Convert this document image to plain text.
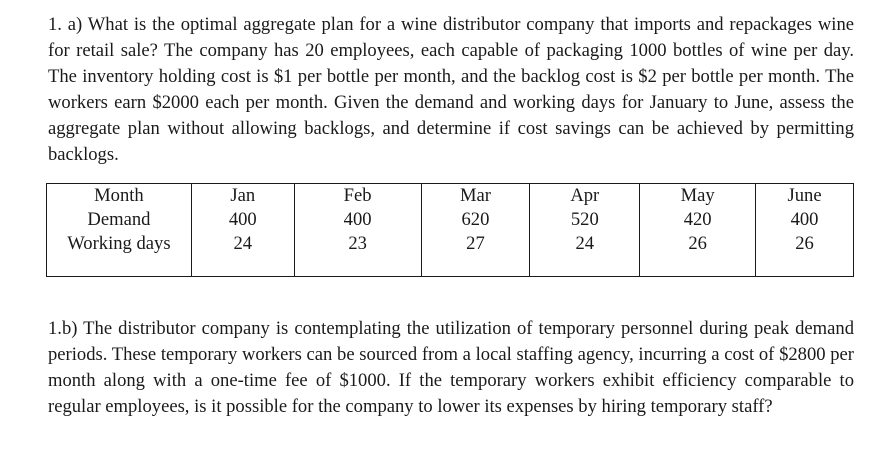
1. a) What is the optimal aggregate plan for a wine distributor company that imports and repackages wine for retail sale? The company has 20 employees, each capable of packaging 1000 bottles of wine per day. The inventory holding cost is $1 per bottle per month, and the backlog cost is $2 per bottle per month. The workers earn $2000 each per month. Given the demand and working days for January to June, assess the aggregate plan without allowing backlogs, and determine if cost savings can be achieved by permitting backlogs.

Month	Jan	Feb	Mar	Apr	May	June
Demand	400	400	620	520	420	400
Working days	24	23	27	24	26	26

1.b) The distributor company is contemplating the utilization of temporary personnel during peak demand periods. These temporary workers can be sourced from a local staffing agency, incurring a cost of $2800 per month along with a one-time fee of $1000. If the temporary workers exhibit efficiency comparable to regular employees, is it possible for the company to lower its expenses by hiring temporary staff?
